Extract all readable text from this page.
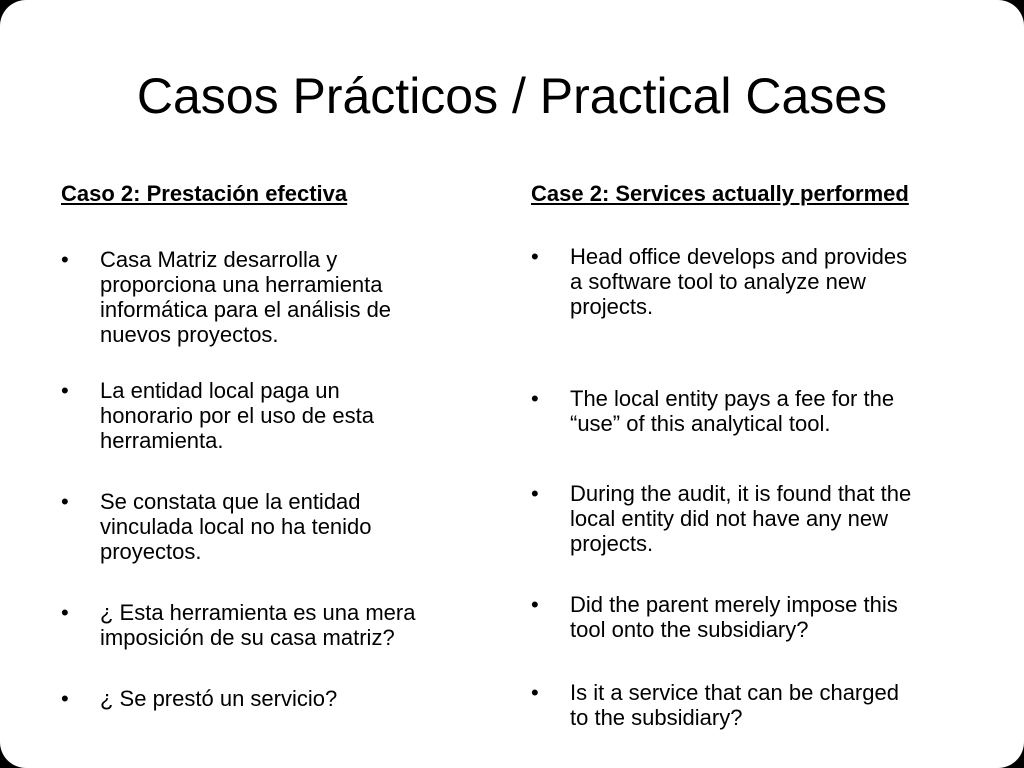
Casos Prácticos / Practical Cases
Caso 2: Prestación efectiva
•	Casa Matriz desarrolla y
proporciona una herramienta
informática para el análisis de
nuevos proyectos.
•	La entidad local paga un
honorario por el uso de esta
herramienta.
•	Se constata que la entidad
vinculada local no ha tenido
proyectos.
•	¿ Esta herramienta es una mera
imposición de su casa matriz?
•	¿ Se prestó un servicio?
Case 2: Services actually performed
•	Head office develops and provides
a software tool to analyze new
projects.
•	The local entity pays a fee for the
“use” of this analytical tool.
•	During the audit, it is found that the
local entity did not have any new
projects.
•	Did the parent merely impose this
tool onto the subsidiary?
•	Is it a service that can be charged
to the subsidiary?
